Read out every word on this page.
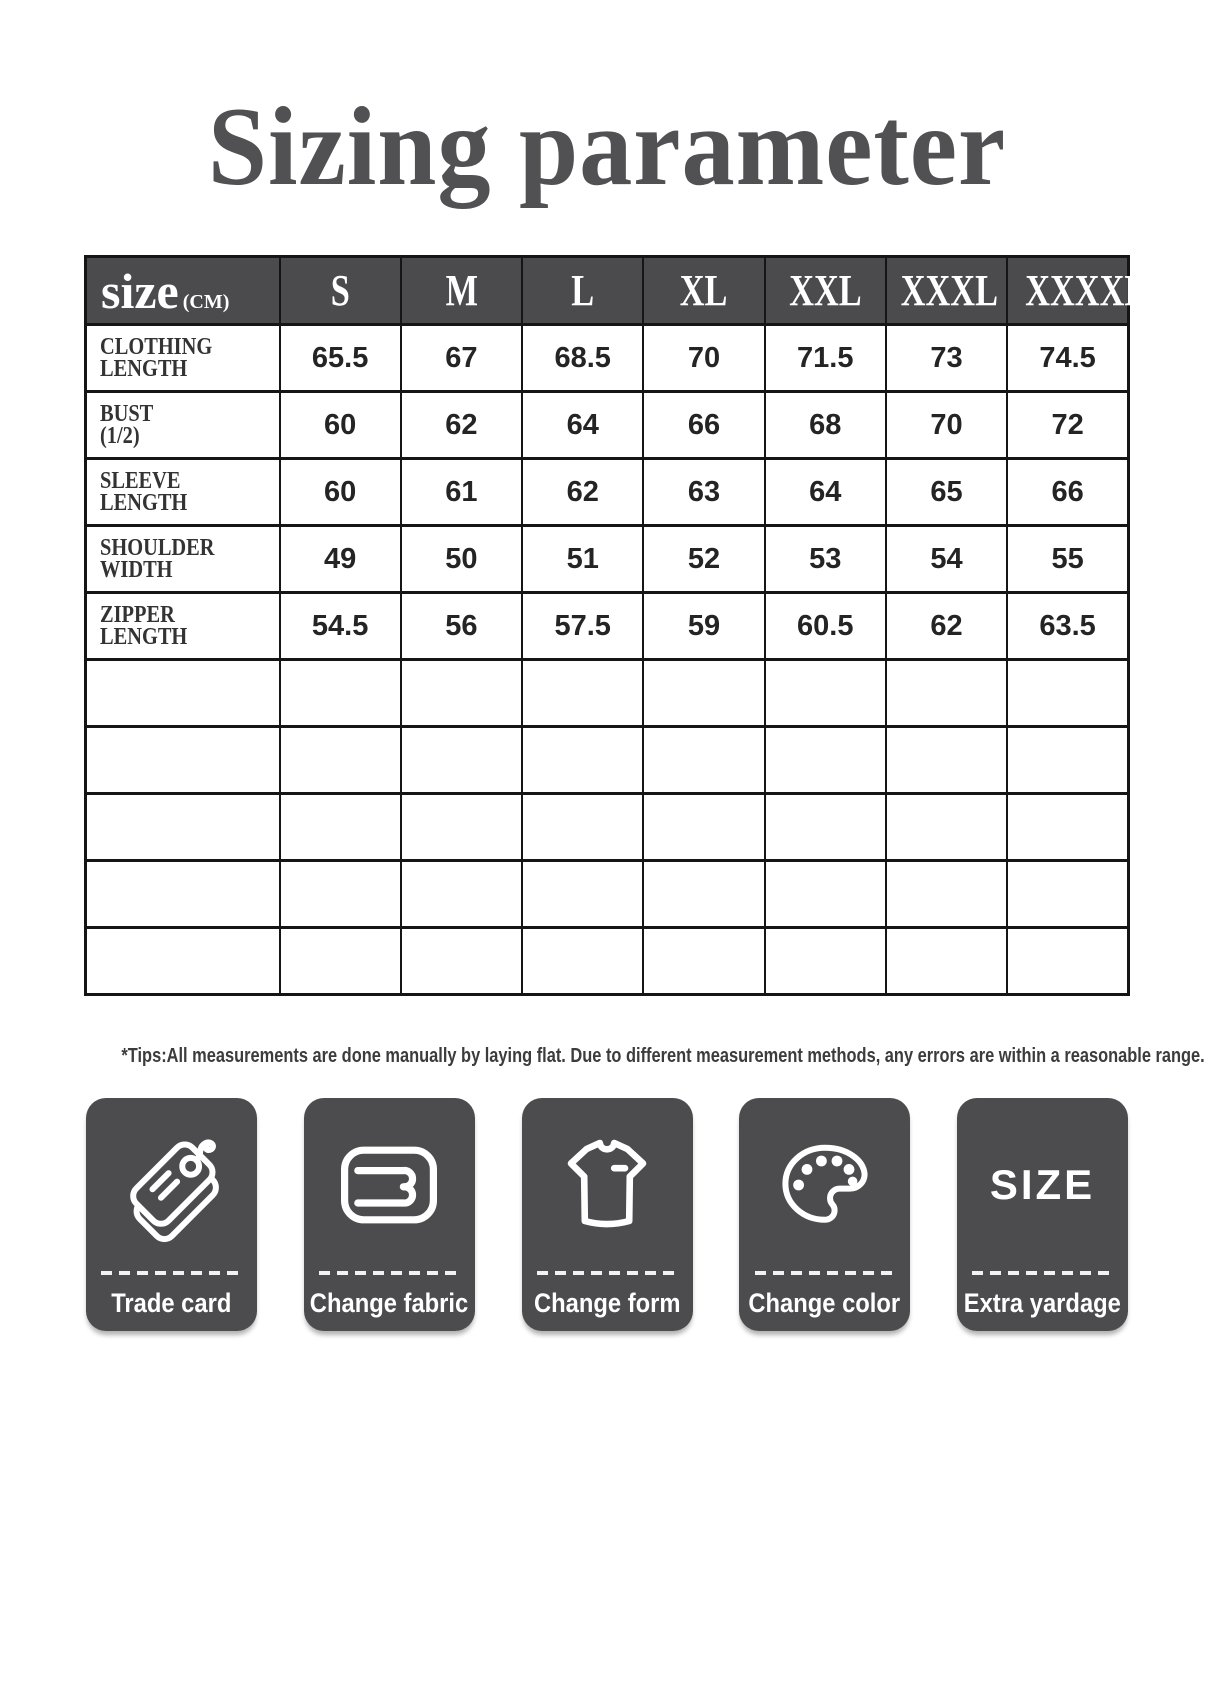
Sizing parameter
size (CM)	S	M	L	XL	XXL	XXXL	XXXXL

CLOTHING
LENGTH	65.5	67	68.5	70	71.5	73	74.5

BUST
(1/2)	60	62	64	66	68	70	72

SLEEVE
LENGTH	60	61	62	63	64	65	66

SHOULDER
WIDTH	49	50	51	52	53	54	55

ZIPPER
LENGTH	54.5	56	57.5	59	60.5	62	63.5

*Tips:All measurements are done manually by laying flat. Due to different measurement methods, any errors are within a reasonable range.
Trade card	Change fabric Change form	Change color
SIZE
Extra yardage
